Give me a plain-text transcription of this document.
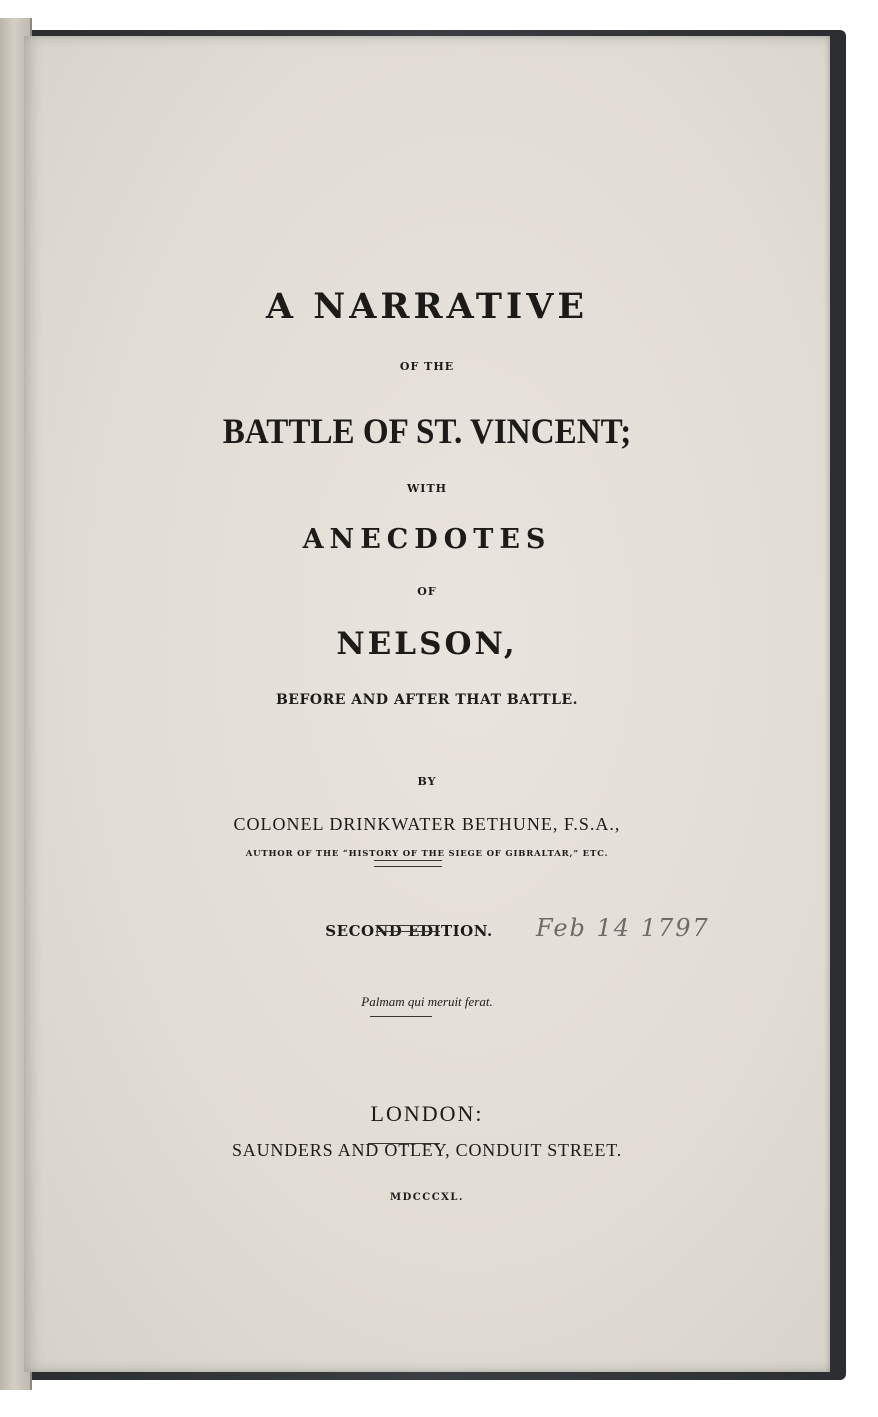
A NARRATIVE
OF THE
BATTLE OF ST. VINCENT;
WITH
ANECDOTES
OF
NELSON,
BEFORE AND AFTER THAT BATTLE.
BY
COLONEL DRINKWATER BETHUNE, F.S.A.,
AUTHOR OF THE “HISTORY OF THE SIEGE OF GIBRALTAR,” ETC.
SECOND EDITION. Feb 14 1797
Palmam qui meruit ferat.
LONDON:
SAUNDERS AND OTLEY, CONDUIT STREET.
MDCCCXL.
